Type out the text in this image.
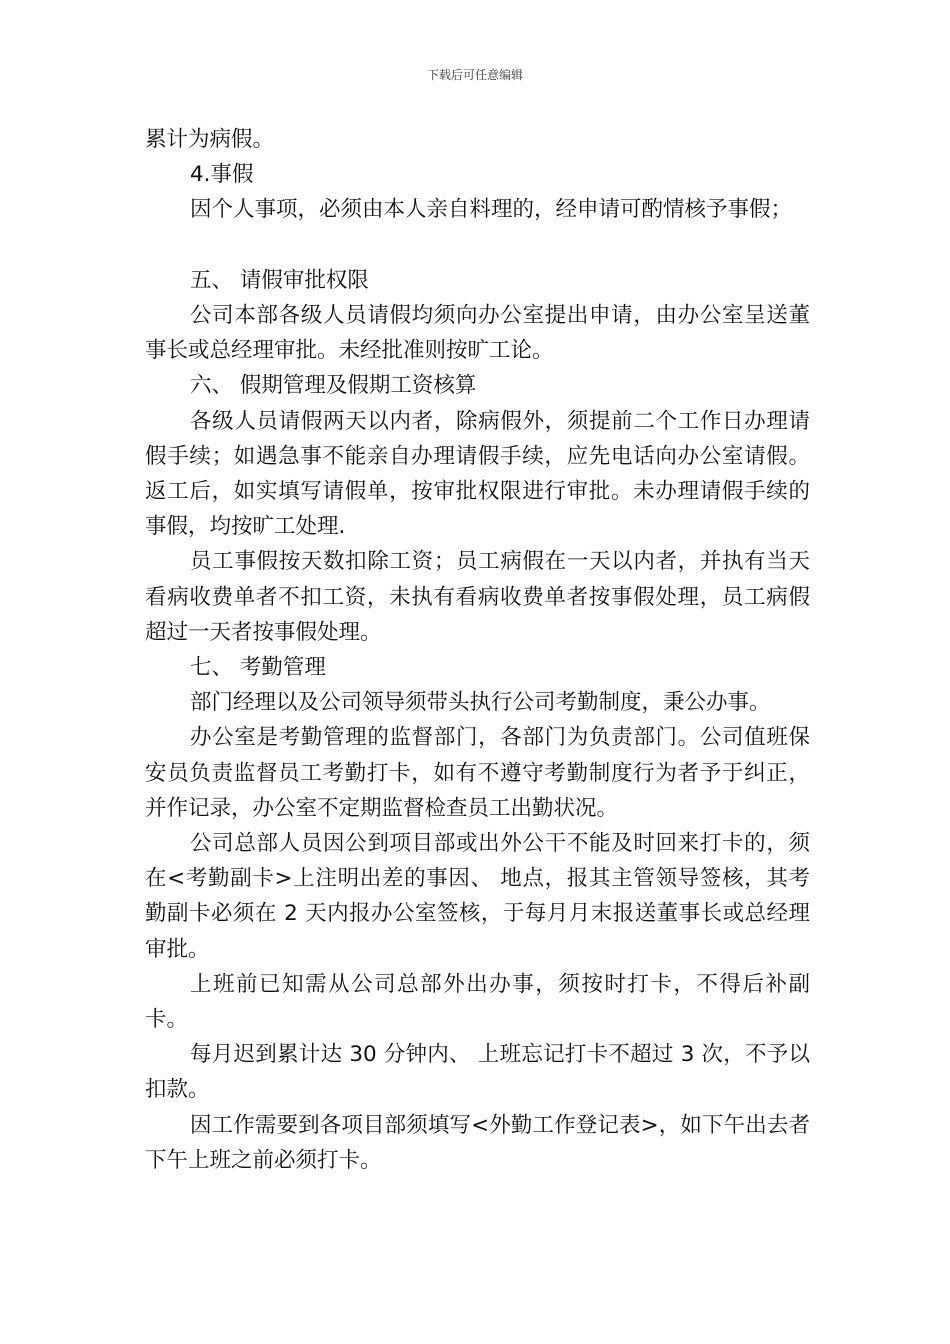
下载后可任意编辑

累计为病假。

4.事假

因个人事项，必须由本人亲自料理的，经申请可酌情核予事假；

五、 请假审批权限

公司本部各级人员请假均须向办公室提出申请，由办公室呈送董事长或总经理审批。未经批准则按旷工论。

六、 假期管理及假期工资核算

各级人员请假两天以内者，除病假外，须提前二个工作日办理请假手续；如遇急事不能亲自办理请假手续，应先电话向办公室请假。返工后，如实填写请假单，按审批权限进行审批。未办理请假手续的事假，均按旷工处理.

员工事假按天数扣除工资；员工病假在一天以内者，并执有当天看病收费单者不扣工资，未执有看病收费单者按事假处理，员工病假超过一天者按事假处理。

七、 考勤管理

部门经理以及公司领导须带头执行公司考勤制度，秉公办事。

办公室是考勤管理的监督部门，各部门为负责部门。公司值班保安员负责监督员工考勤打卡，如有不遵守考勤制度行为者予于纠正，并作记录，办公室不定期监督检查员工出勤状况。

公司总部人员因公到项目部或出外公干不能及时回来打卡的，须在<考勤副卡>上注明出差的事因、 地点，报其主管领导签核，其考勤副卡必须在 2 天内报办公室签核，于每月月末报送董事长或总经理审批。

上班前已知需从公司总部外出办事，须按时打卡，不得后补副卡。

每月迟到累计达 30 分钟内、 上班忘记打卡不超过 3 次，不予以扣款。

因工作需要到各项目部须填写<外勤工作登记表>，如下午出去者下午上班之前必须打卡。
